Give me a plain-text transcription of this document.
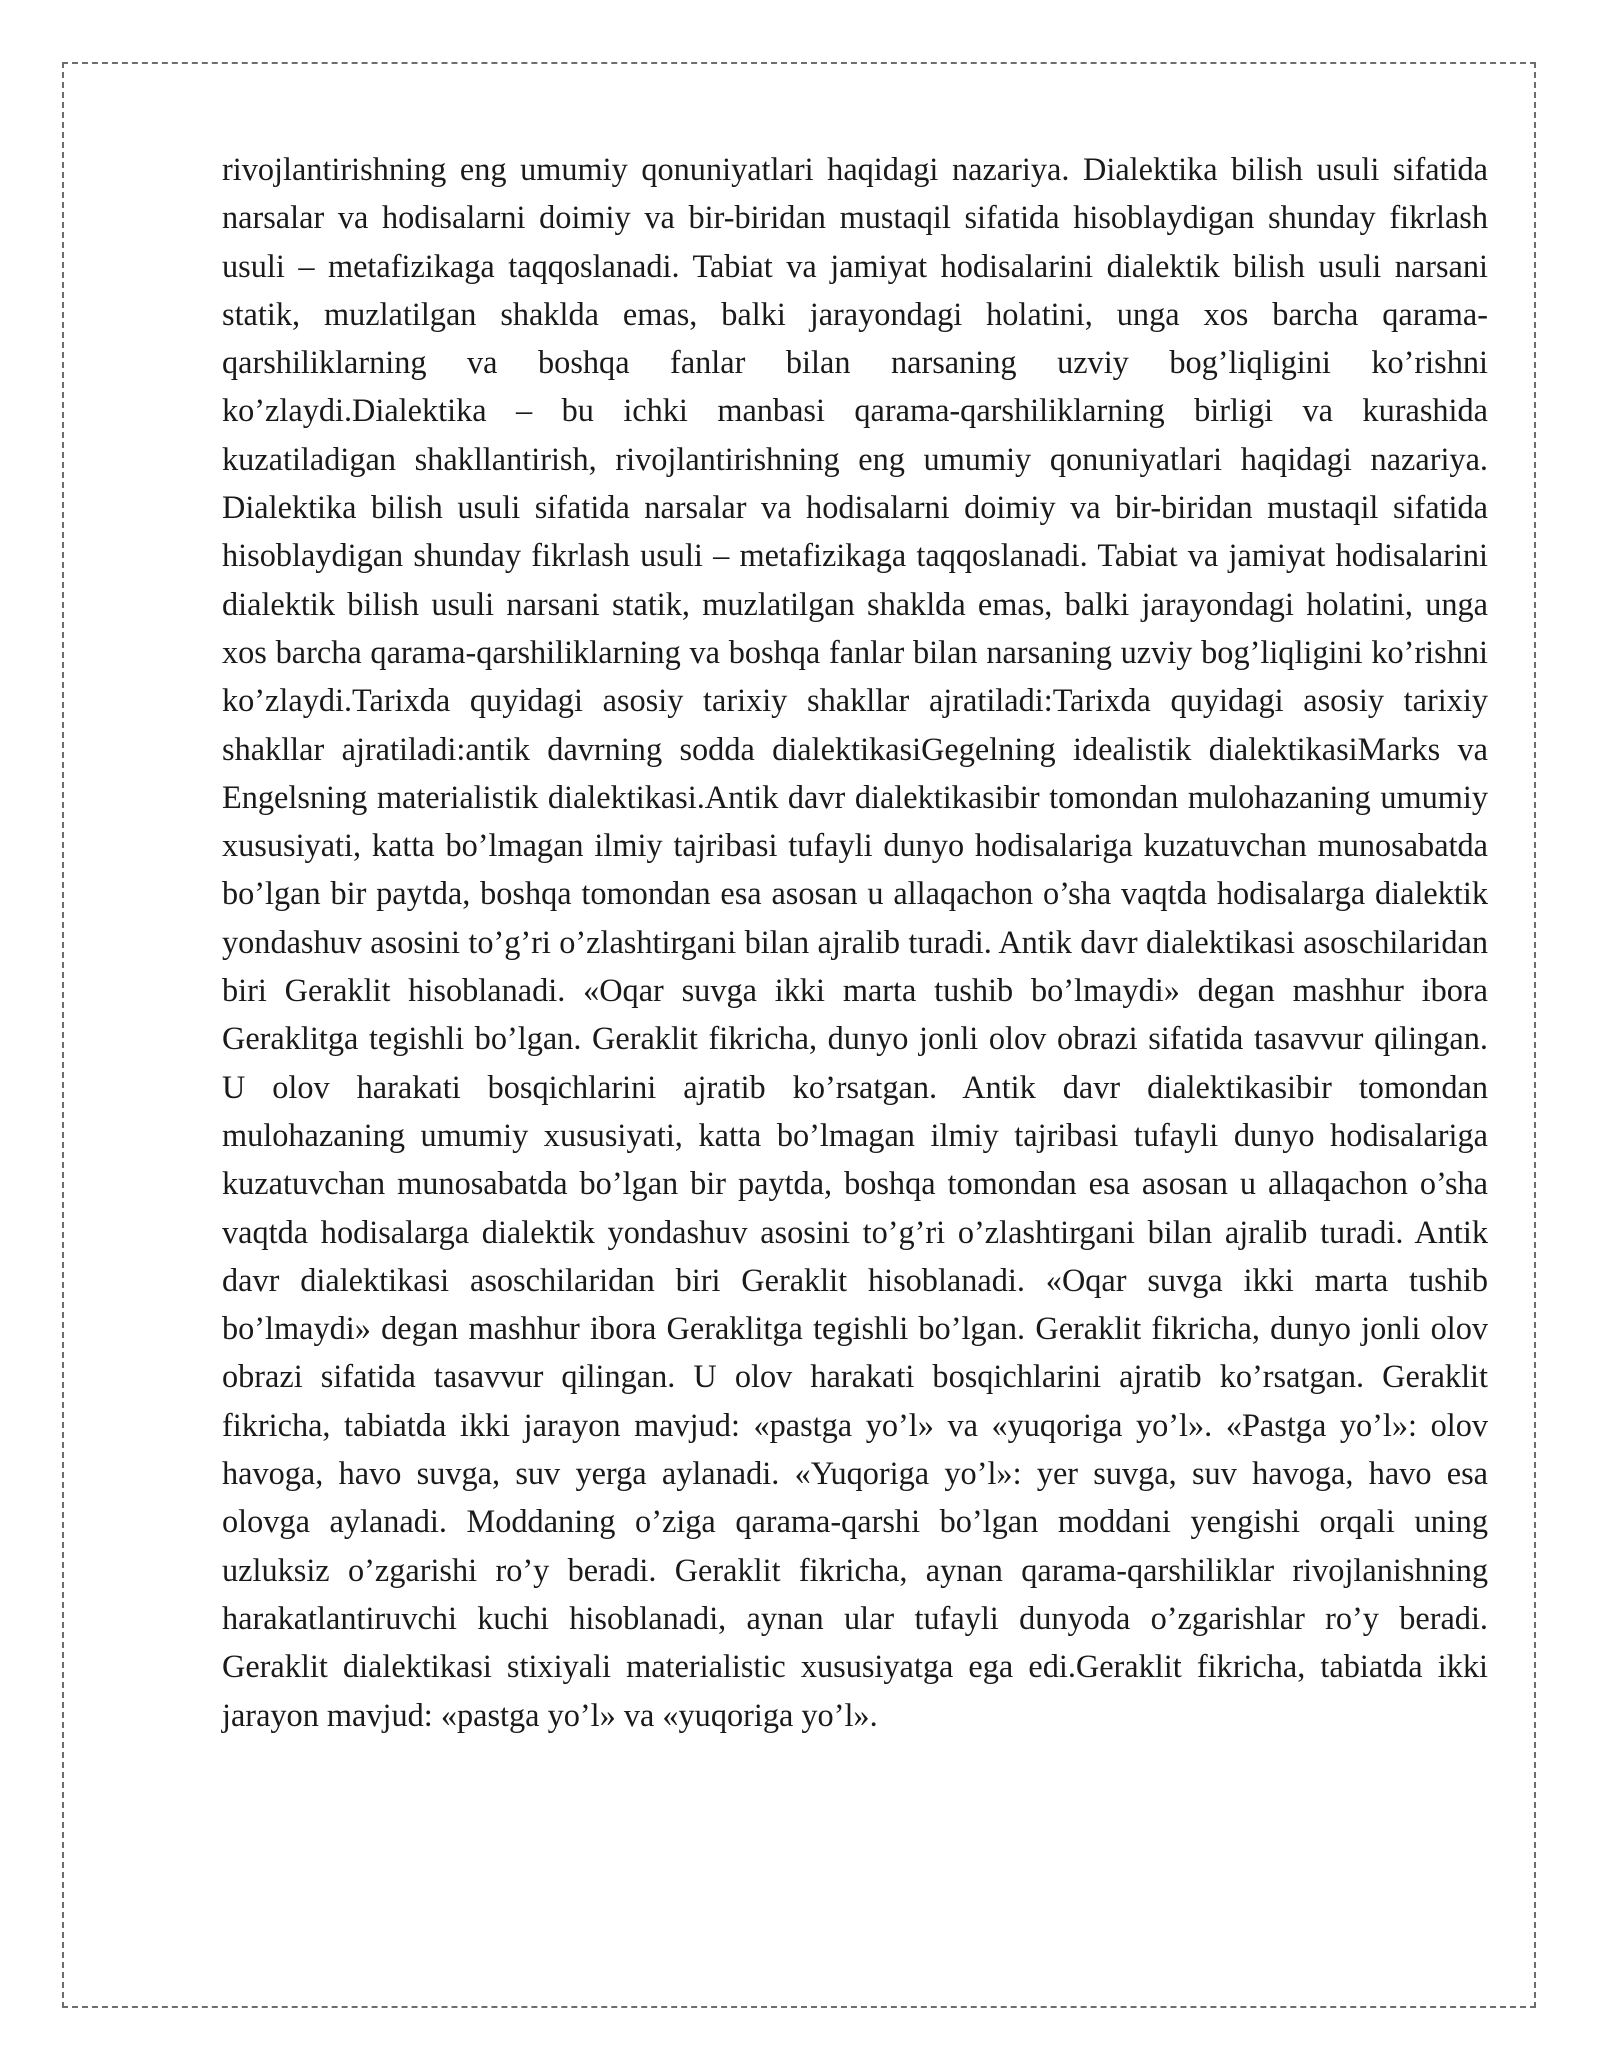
rivojlantirishning eng umumiy qonuniyatlari haqidagi nazariya. Dialektika bilish usuli sifatida narsalar va hodisalarni doimiy va bir-biridan mustaqil sifatida hisoblaydigan shunday fikrlash usuli – metafizikaga taqqoslanadi. Tabiat va jamiyat hodisalarini dialektik bilish usuli narsani statik, muzlatilgan shaklda emas, balki jarayondagi holatini, unga xos barcha qarama-qarshiliklarning va boshqa fanlar bilan narsaning uzviy bog’liqligini ko’rishni ko’zlaydi.Dialektika – bu ichki manbasi qarama-qarshiliklarning birligi va kurashida kuzatiladigan shakllantirish, rivojlantirishning eng umumiy qonuniyatlari haqidagi nazariya. Dialektika bilish usuli sifatida narsalar va hodisalarni doimiy va bir-biridan mustaqil sifatida hisoblaydigan shunday fikrlash usuli – metafizikaga taqqoslanadi. Tabiat va jamiyat hodisalarini dialektik bilish usuli narsani statik, muzlatilgan shaklda emas, balki jarayondagi holatini, unga xos barcha qarama-qarshiliklarning va boshqa fanlar bilan narsaning uzviy bog’liqligini ko’rishni ko’zlaydi.Tarixda quyidagi asosiy tarixiy shakllar ajratiladi:Tarixda quyidagi asosiy tarixiy shakllar ajratiladi:antik davrning sodda dialektikasiGegelning idealistik dialektikasiMarks va Engelsning materialistik dialektikasi.Antik davr dialektikasibir tomondan mulohazaning umumiy xususiyati, katta bo’lmagan ilmiy tajribasi tufayli dunyo hodisalariga kuzatuvchan munosabatda bo’lgan bir paytda, boshqa tomondan esa asosan u allaqachon o’sha vaqtda hodisalarga dialektik yondashuv asosini to’g’ri o’zlashtirgani bilan ajralib turadi. Antik davr dialektikasi asoschilaridan biri Geraklit hisoblanadi. «Oqar suvga ikki marta tushib bo’lmaydi» degan mashhur ibora Geraklitga tegishli bo’lgan. Geraklit fikricha, dunyo jonli olov obrazi sifatida tasavvur qilingan. U olov harakati bosqichlarini ajratib ko’rsatgan. Antik davr dialektikasibir tomondan mulohazaning umumiy xususiyati, katta bo’lmagan ilmiy tajribasi tufayli dunyo hodisalariga kuzatuvchan munosabatda bo’lgan bir paytda, boshqa tomondan esa asosan u allaqachon o’sha vaqtda hodisalarga dialektik yondashuv asosini to’g’ri o’zlashtirgani bilan ajralib turadi. Antik davr dialektikasi asoschilaridan biri Geraklit hisoblanadi. «Oqar suvga ikki marta tushib bo’lmaydi» degan mashhur ibora Geraklitga tegishli bo’lgan. Geraklit fikricha, dunyo jonli olov obrazi sifatida tasavvur qilingan. U olov harakati bosqichlarini ajratib ko’rsatgan. Geraklit fikricha, tabiatda ikki jarayon mavjud: «pastga yo’l» va «yuqoriga yo’l». «Pastga yo’l»: olov havoga, havo suvga, suv yerga aylanadi. «Yuqoriga yo’l»: yer suvga, suv havoga, havo esa olovga aylanadi. Moddaning o’ziga qarama-qarshi bo’lgan moddani yengishi orqali uning uzluksiz o’zgarishi ro’y beradi. Geraklit fikricha, aynan qarama-qarshiliklar rivojlanishning harakatlantiruvchi kuchi hisoblanadi, aynan ular tufayli dunyoda o’zgarishlar ro’y beradi. Geraklit dialektikasi stixiyali materialistic xususiyatga ega edi.Geraklit fikricha, tabiatda ikki jarayon mavjud: «pastga yo’l» va «yuqoriga yo’l».
